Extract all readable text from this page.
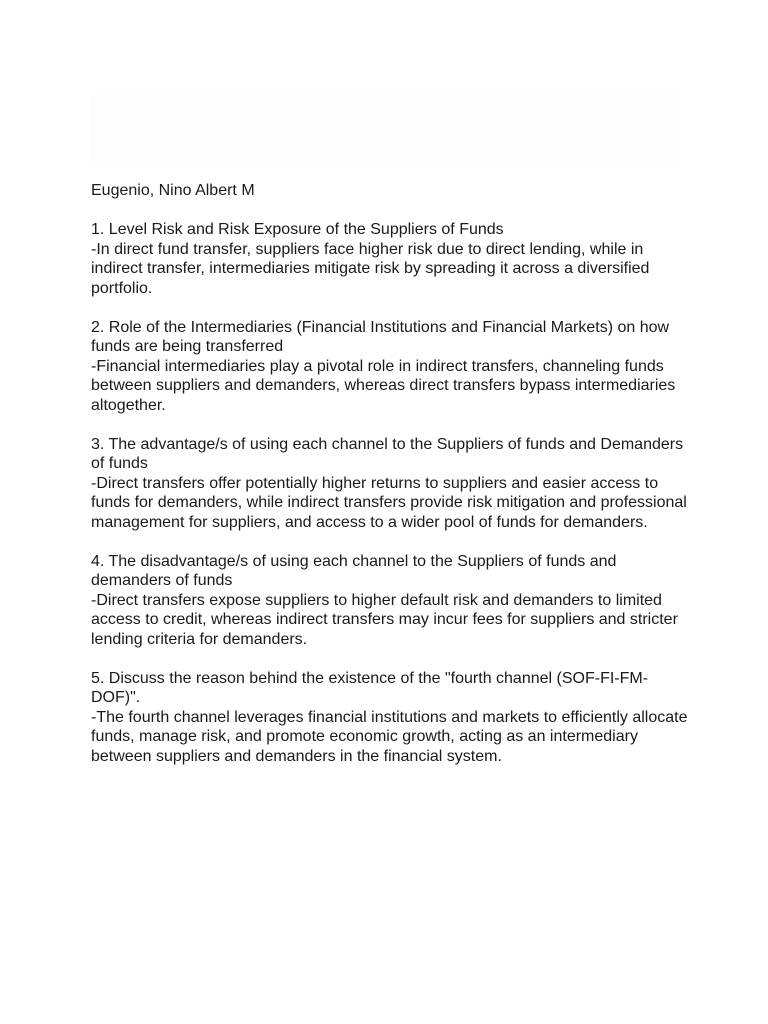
Eugenio, Nino Albert M

1. Level Risk and Risk Exposure of the Suppliers of Funds

-In direct fund transfer, suppliers face higher risk due to direct lending, while in indirect transfer, intermediaries mitigate risk by spreading it across a diversified portfolio.

2. Role of the Intermediaries (Financial Institutions and Financial Markets) on how funds are being transferred

-Financial intermediaries play a pivotal role in indirect transfers, channeling funds between suppliers and demanders, whereas direct transfers bypass intermediaries altogether.

3. The advantage/s of using each channel to the Suppliers of funds and Demanders of funds

-Direct transfers offer potentially higher returns to suppliers and easier access to funds for demanders, while indirect transfers provide risk mitigation and professional management for suppliers, and access to a wider pool of funds for demanders.

4. The disadvantage/s of using each channel to the Suppliers of funds and demanders of funds

-Direct transfers expose suppliers to higher default risk and demanders to limited access to credit, whereas indirect transfers may incur fees for suppliers and stricter lending criteria for demanders.

5. Discuss the reason behind the existence of the "fourth channel (SOF-FI-FM-DOF)".

-The fourth channel leverages financial institutions and markets to efficiently allocate funds, manage risk, and promote economic growth, acting as an intermediary between suppliers and demanders in the financial system.
